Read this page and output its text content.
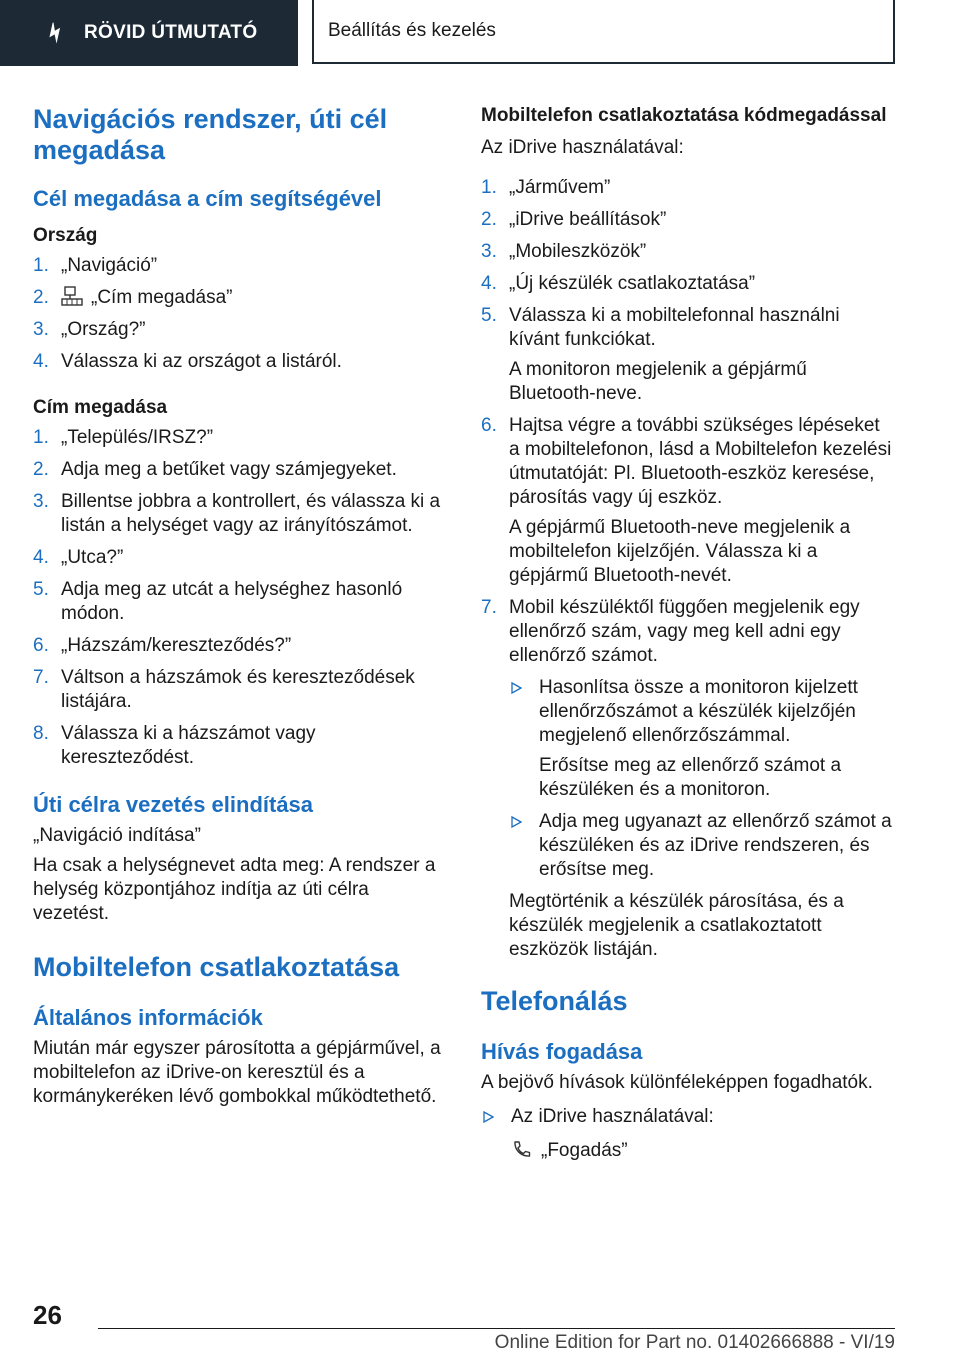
RÖVID ÚTMUTATÓ	Beállítás és kezelés
Navigációs rendszer, úti cél megadása
Cél megadása a cím segítségével
Ország
1. „Navigáció”
2. „Cím megadása”
3. „Ország?”
4. Válassza ki az országot a listáról.
Cím megadása
1. „Település/IRSZ?”
2. Adja meg a betűket vagy számjegyeket.
3. Billentse jobbra a kontrollert, és válassza ki a listán a helységet vagy az irányítószámot.
4. „Utca?”
5. Adja meg az utcát a helységhez hasonló módon.
6. „Házszám/kereszteződés?”
7. Váltson a házszámok és kereszteződések listájára.
8. Válassza ki a házszámot vagy kereszteződést.
Úti célra vezetés elindítása
„Navigáció indítása”
Ha csak a helységnevet adta meg: A rendszer a helység központjához indítja az úti célra vezetést.
Mobiltelefon csatlakoztatása
Általános információk
Miután már egyszer párosította a gépjárművel, a mobiltelefon az iDrive-on keresztül és a kormánykeréken lévő gombokkal működtethető.
Mobiltelefon csatlakoztatása kódmegadással
Az iDrive használatával:
1. „Járművem”
2. „iDrive beállítások”
3. „Mobileszközök”
4. „Új készülék csatlakoztatása”
5. Válassza ki a mobiltelefonnal használni kívánt funkciókat.
A monitoron megjelenik a gépjármű Bluetooth-neve.
6. Hajtsa végre a további szükséges lépéseket a mobiltelefonon, lásd a Mobiltelefon kezelési útmutatóját: Pl. Bluetooth-eszköz keresése, párosítás vagy új eszköz.
A gépjármű Bluetooth-neve megjelenik a mobiltelefon kijelzőjén. Válassza ki a gépjármű Bluetooth-nevét.
7. Mobil készüléktől függően megjelenik egy ellenőrző szám, vagy meg kell adni egy ellenőrző számot.
Hasonlítsa össze a monitoron kijelzett ellenőrzőszámot a készülék kijelzőjén megjelenő ellenőrzőszámmal.
Erősítse meg az ellenőrző számot a készüléken és a monitoron.
Adja meg ugyanazt az ellenőrző számot a készüléken és az iDrive rendszeren, és erősítse meg.
Megtörténik a készülék párosítása, és a készülék megjelenik a csatlakoztatott eszközök listáján.
Telefonálás
Hívás fogadása
A bejövő hívások különféleképpen fogadhatók.
Az iDrive használatával:
„Fogadás”
26
Online Edition for Part no. 01402666888 - VI/19
